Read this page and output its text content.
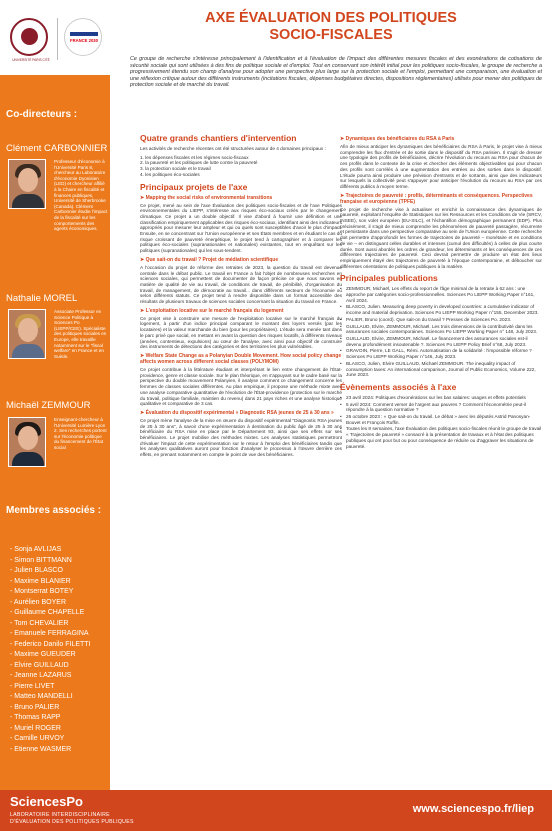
UNIVERSITÉ PARIS CITÉ
FRANCE 2030
Co-directeurs :
Clément CARBONNIER
Professeur d'économie à l'Université Paris 8, chercheur au Laboratoire d'économie Dyonisien (LED) et chercheur affilié à la Chaire en fiscalité et finances publiques, Université de Sherbrooke (Canada). Clément Carbonnier étudie l'impact de la fiscalité sur les comportements des agents économiques.
Nathalie MOREL
Associate Professor en Science Politique à Sciences Po (LIEPP/CEE). Spécialiste des politiques sociales en Europe, elle travaille notamment sur le "fiscal welfare" en France et en Suède.
Michaël ZEMMOUR
Enseignant-chercheur à l'Université Lumière Lyon 2. Ses recherches portent sur l'économie politique du financement de l'État social
Membres associés :
- Sonja AVLIJAS
- Simon BITTMANN
- Julien BLASCO
- Maxime BLANIER
- Montserrat BOTEY
- Aurélien BOYER
- Guillaume CHAPELLE
- Tom CHEVALIER
- Emanuele FERRAGINA
- Federico Danilo FILETTI
- Maxime GUEUDER
- Elvire GUILLAUD
- Jeanne LAZARUS
- Pierre LIVET
- Matteo MANDELLI
- Bruno PALIER
- Thomas RAPP
- Muriel ROGER
- Camille URVOY
- Etienne WASMER
AXE ÉVALUATION DES POLITIQUES
SOCIO-FISCALES
Ce groupe de recherche s'intéresse principalement à l'identification et à l'évaluation de l'impact des différentes mesures fiscales et des exonérations de cotisations de sécurité sociale qui sont utilisées à des fins de politique sociale et d'emploi. Tout en conservant son intérêt initial pour les politiques socio-fiscales, le groupe de recherche a progressivement étendu son champ d'analyse pour adopter une perspective plus large sur la protection sociale et l'emploi, permettant une comparaison, une évaluation et une réflexion critique autour des différents instruments (incitations fiscales, dépenses budgétaires directes, dispositions réglementaires) utilisés pour mener des politiques de protection sociale et de marché du travail.
Quatre grands chantiers d'intervention
Les activités de recherche récentes ont été structurées autour de 4 domaines principaux :
1. les dépenses fiscales et les régimes socio-fiscaux
2. la pauvreté et les politiques de lutte contre la pauvreté
3. la protection sociale et le travail
4. les politiques éco-sociales
Principaux projets de l'axe
➤ Mapping the social risks of environmental transitions
Ce projet, mené au sein de l'axe Évaluation des politiques socio-fiscales et de l'axe Politiques environnementales du LIEPP, s'intéresse aux risques éco-sociaux créés par le changement climatique. Ce projet a un double objectif. Il vise d'abord à fournir une définition et une classification empiriquement applicables des risques éco-sociaux, identifiant ainsi des indicateurs appropriés pour mesurer leur ampleur et qui ou quels sont susceptibles d'avoir le plus d'impact. Ensuite, en se concentrant sur l'Union européenne et ses États membres et en étudiant le cas du risque croissant de pauvreté énergétique, le projet tend à cartographier et à comparer les politiques éco-sociales (supranationales et nationales) existantes, tout en enquêtant sur les politiques (supranationales) qui les sous-tendent.
➤ Que sait-on du travail ? Projet de médiation scientifique
A l'occasion du projet de réforme des retraites de 2023, la question du travail est devenue centrale dans le débat public. Le travail en France a fait l'objet de nombreuses recherches en sciences sociales, qui permettent de documenter de façon précise ce que nous savons en matière de qualité de vie au travail, de conditions de travail, de pénibilité, d'organisation du travail, de management, de démocratie au travail... dans différents secteurs de l'économie ou selon différents statuts. Ce projet tend à rendre disponible dans un format accessible des résultats de plusieurs travaux de sciences sociales concernant la situation du travail en France.
➤ L'exploitation locative sur le marché français du logement
Ce projet vise à construire une mesure de l'exploitation locative sur le marché français du logement, à partir d'un indice principal comparant le montant des loyers versés (par les locataires) et la valeur marchande du bien (pour les propriétaires). L'étude sera menée tant dans le parc privé que social, en mettant en avant la question des risques locatifs, à différents niveaux (années, contentieux, expulsions) au cœur de l'analyse, avec ainsi pour objectif de construire des instruments de détections des catégories et des territoires les plus vulnérables.
➤ Welfare State Change as a Polanyian Double Movement. How social policy change affects women across different social classes (POLYMOM)
Ce projet contribue à la littérature étudiant et interprétant le lien entre changement de l'État-providence, genre et classe sociale. Sur le plan théorique, en s'appuyant sur le cadre basé sur la perspective du double mouvement Polanyien, il analyse comment ce changement concerne les femmes de classes sociales différentes. Au plan empirique, il propose une méthode mixte avec une analyse comparative quantitative de l'évolution de l'État-providence (protection sur le marché du travail, politique familiale, maintien du revenu) dans 21 pays riches et une analyse historique qualitative et comparative de 3 cas.
➤ Évaluation du dispositif expérimental « Diagnostic RSA jeunes de 25 à 30 ans »
Ce projet mène l'analyse de la mise en œuvre du dispositif expérimental "Diagnostic RSA jeunes de 25 à 30 ans", à savoir d'une expérimentation à destination du public âgé de 25 à 30 ans bénéficiaire du RSA mise en place par le Département 93, ainsi que ses effets sur ses bénéficiaires. Le projet mobilise des méthodes mixtes. Les analyses statistiques permettront d'évaluer l'impact de cette expérimentation sur le retour à l'emploi des bénéficiaires tandis que les analyses qualitatives auront pour fonction d'analyser le processus à l'œuvre derrière ces effets, en prenant notamment en compte le point de vue des bénéficiaires.
➤ Dynamiques des bénéficiaires du RSA à Paris
Afin de mieux anticiper les dynamiques des bénéficiaires du RSA à Paris, le projet vise à mieux comprendre les flux d'entrée et de sortie dans le dispositif du RSA parisien. Il s'agit de dresser une typologie des profils de bénéficiaires, décrire l'évolution du recours au RSA pour chacun de ces profils dans le contexte de la crise et chercher des éléments objectivables qui pour chacun des profils sont corrélés à une augmentation des entrées ou des sorties dans le dispositif. L'étude pourra ainsi produire une prévision d'entrants et de sortants, ainsi que des indicateurs sur lesquels la collectivité peut s'appuyer pour anticiper l'évolution du recours au RSA par ces différents publics à moyen terme.
➤ Trajectoires de pauvreté : profils, déterminants et conséquences. Perspectives française et européenne (TPFE)
Ce projet de recherche vise à actualiser et enrichir la connaissance des dynamiques de pauvreté, exploitant l'enquête de Statistiques sur les Ressources et les Conditions de Vie (SRCV, INSEE), son volet européen (EU-SILC), et l'échantillon démographique permanent (EDP). Plus précisément, il s'agit de mieux comprendre les phénomènes de pauvreté passagère, récurrente et persistante dans une perspective comparative au sein de l'Union européenne. Cette recherche doit permettre d'approfondir les formes de trajectoires de pauvreté – monétaire et en conditions de vie – en distinguant celles durables et intenses (cumul des difficultés) à celles de plus courte durée. Sont aussi abordés les ordres de grandeur, les déterminants et les conséquences de ces différentes trajectoires de pauvreté. Ceci devrait permettre de produire un état des lieux empiriquement étayé des trajectoires de pauvreté à l'époque contemporaine, et déboucher sur différentes orientations de politiques publiques à la matière.
Principales publications
• ZEMMOUR, Michaël, Les effets du report de l'âge minimal de la retraite à 62 ans : une approche par catégories socio-professionnelles. Sciences Po LIEPP Working Paper n°161, Avril 2024.
• BLASCO, Julien. Measuring deep poverty in developed countries: a cumulative indicator of income and material deprivation. Sciences Po LIEPP Working Paper n°155, December 2023.
• PALIER, Bruno (coord). Que sait-on du travail ? Presses de Sciences Po. 2023.
• GUILLAUD, Elvire, ZEMMOUR, Michaël. Les trois dimensions de la contributivité dans les assurances sociales contemporaines. Sciences Po LIEPP Working Paper n° 148, July 2023.
• GUILLAUD, Elvire, ZEMMOUR, Michaël. Le financement des assurances sociales est-il devenu profondément insoutenable ?. Sciences Po LIEPP Policy Brief n°68, July 2023.
• GRAVOIN, Pierre, LE GALL, Rémi. Automatisation de la solidarité : l'impossible réforme ? Sciences Po LIEPP Working Paper n°146, July 2023.
• BLASCO, Julien, Elvire GUILLAUD, Michaël ZEMMOUR. The inequality impact of consumption taxes: An international comparison, Journal of Public Economics, Volume 222, June 2023.
Évènements associés à l'axe
• 23 avril 2024: Politiques d'exonérations sur les bas salaires: usages et effets potentiels
• 5 avril 2024: Comment verser de l'argent aux pauvres ? Comment l'économétrie peut-il répondre à la question normative ?
• 26 octobre 2023 : « Que sait-on du travail. Le débat » avec les députés Astrid Panosyan-Bouvet et François Ruffin.
• Toutes les 8 semaines, l'axe Évaluation des politiques socio-fiscales réunit le groupe de travail « Trajectoires de pauvreté » consacré à la présentation de travaux et à l'état des politiques publiques qui ont pour but ou pour conséquence de réduire ou d'aggraver les situations de pauvreté.
SciencesPo
LABORATOIRE INTERDISCIPLINAIRE
D'ÉVALUATION DES POLITIQUES PUBLIQUES
www.sciencespo.fr/liep
